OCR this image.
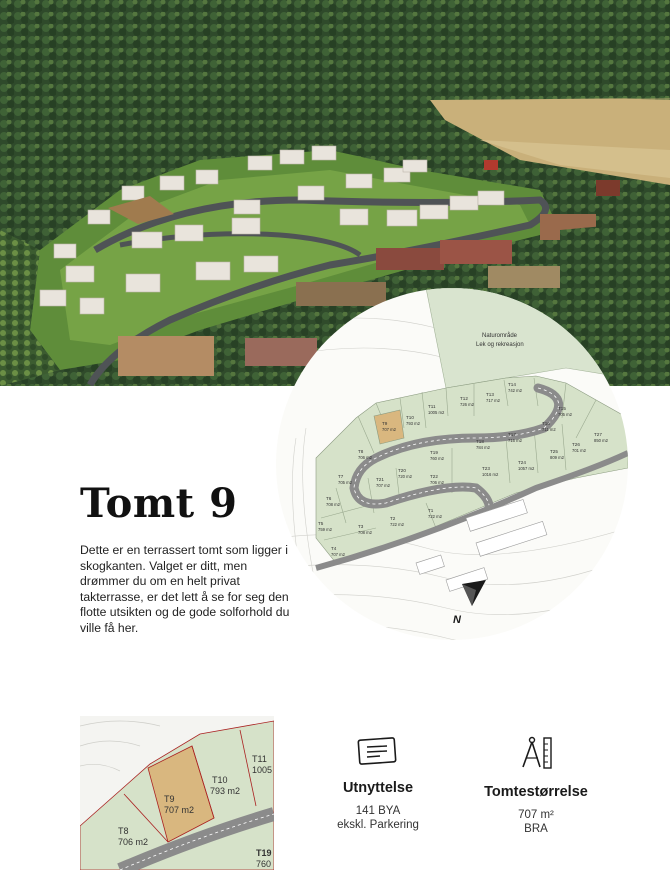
Naturområde
Lek og rekreasjon
T1
722 m2
T2
722 m2
T3
708 m2
T4
707 m2
T5
759 m2
T6
708 m2
T7
705 m2
T8
706 m2
T9
707 m2
T10
793 m2
T11
1005 m2
T12
726 m2
T13
717 m2
T14
742 m2
T15
705 m2
T16
711 m2
T17
716 m2
T18
784 m2
T19
760 m2
T20
720 m2
T21
707 m2
T22
706 m2
T23
1016 m2
T24
1057 m2
T25
809 m2
T26
701 m2
T27
850 m2
N
Tomt 9

Dette er en terrassert tomt som ligger i skogkanten. Valget er ditt, men drømmer du om en helt privat takterrasse, er det lett å se for seg den flotte utsikten og de gode solforhold du ville få her.

T8
706 m2
T9
707 m2
T10
793 m2
T11
1005
T19
760
Utnyttelse
141 BYA
ekskl. Parkering
Tomtestørrelse
707 m²
BRA
